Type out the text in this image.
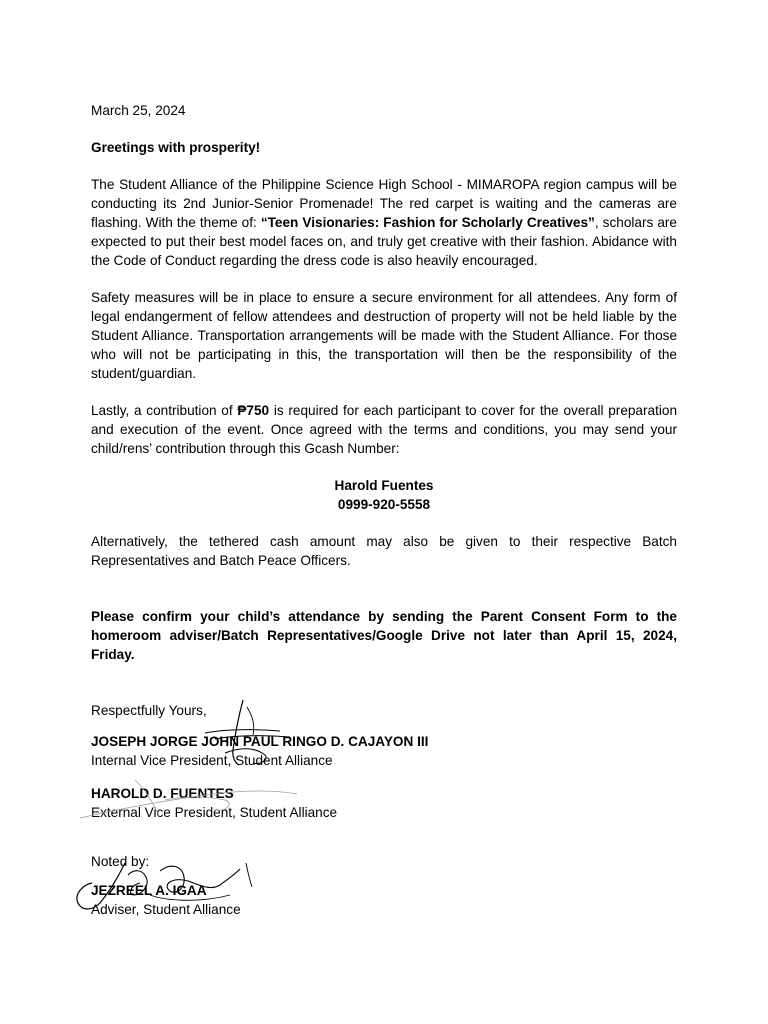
March 25, 2024

Greetings with prosperity!

The Student Alliance of the Philippine Science High School - MIMAROPA region campus will be conducting its 2nd Junior-Senior Promenade! The red carpet is waiting and the cameras are flashing. With the theme of: “Teen Visionaries: Fashion for Scholarly Creatives”, scholars are expected to put their best model faces on, and truly get creative with their fashion. Abidance with the Code of Conduct regarding the dress code is also heavily encouraged.

Safety measures will be in place to ensure a secure environment for all attendees. Any form of legal endangerment of fellow attendees and destruction of property will not be held liable by the Student Alliance. Transportation arrangements will be made with the Student Alliance. For those who will not be participating in this, the transportation will then be the responsibility of the student/guardian.

Lastly, a contribution of ₱750 is required for each participant to cover for the overall preparation and execution of the event. Once agreed with the terms and conditions, you may send your child/rens’ contribution through this Gcash Number:

Harold Fuentes

0999-920-5558

Alternatively, the tethered cash amount may also be given to their respective Batch Representatives and Batch Peace Officers.

Please confirm your child’s attendance by sending the Parent Consent Form to the homeroom adviser/Batch Representatives/Google Drive not later than April 15, 2024, Friday.

Respectfully Yours,

JOSEPH JORGE JOHN PAUL RINGO D. CAJAYON III

Internal Vice President, Student Alliance

HAROLD D. FUENTES

External Vice President, Student Alliance

Noted by:

JEZREEL A. IGAA

Adviser, Student Alliance
